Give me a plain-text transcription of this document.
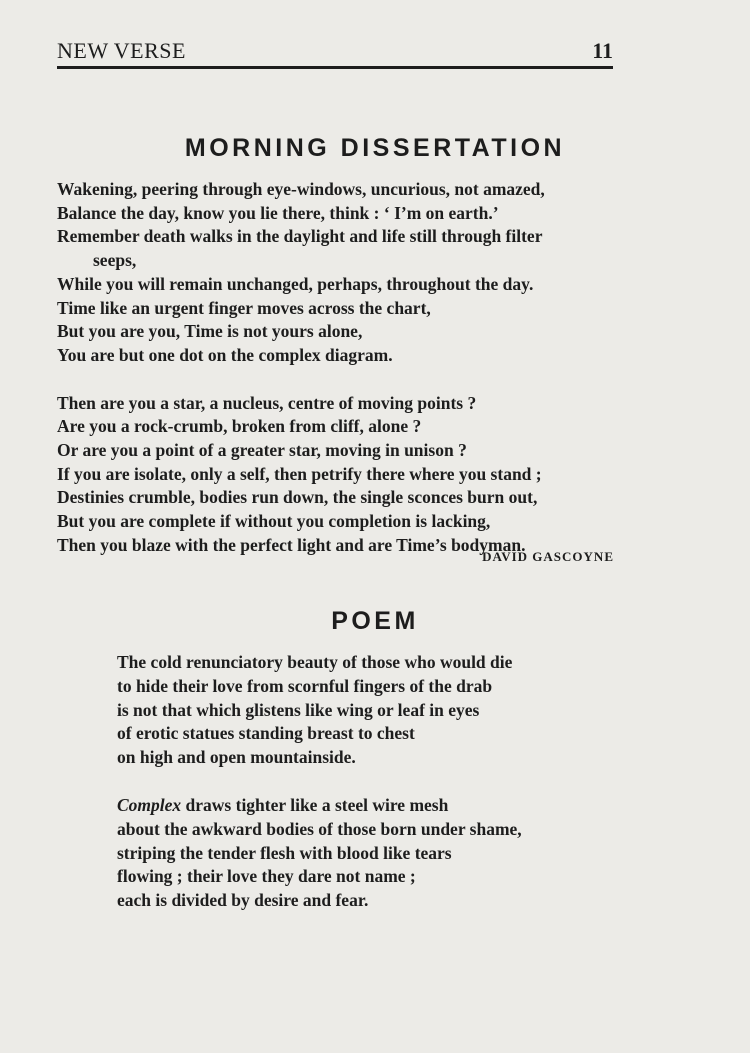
NEW VERSE	11
MORNING DISSERTATION
Wakening, peering through eye-windows, uncurious, not amazed,
Balance the day, know you lie there, think : ‘ I’m on earth.’
Remember death walks in the daylight and life still through filter
seeps,
While you will remain unchanged, perhaps, throughout the day.
Time like an urgent finger moves across the chart,
But you are you, Time is not yours alone,
You are but one dot on the complex diagram.
Then are you a star, a nucleus, centre of moving points ?
Are you a rock-crumb, broken from cliff, alone ?
Or are you a point of a greater star, moving in unison ?
If you are isolate, only a self, then petrify there where you stand ;
Destinies crumble, bodies run down, the single sconces burn out,
But you are complete if without you completion is lacking,
Then you blaze with the perfect light and are Time’s bodyman.
DAVID GASCOYNE
POEM
The cold renunciatory beauty of those who would die
to hide their love from scornful fingers of the drab
is not that which glistens like wing or leaf in eyes
of erotic statues standing breast to chest
on high and open mountainside.
Complex draws tighter like a steel wire mesh
about the awkward bodies of those born under shame,
striping the tender flesh with blood like tears
flowing ; their love they dare not name ;
each is divided by desire and fear.
